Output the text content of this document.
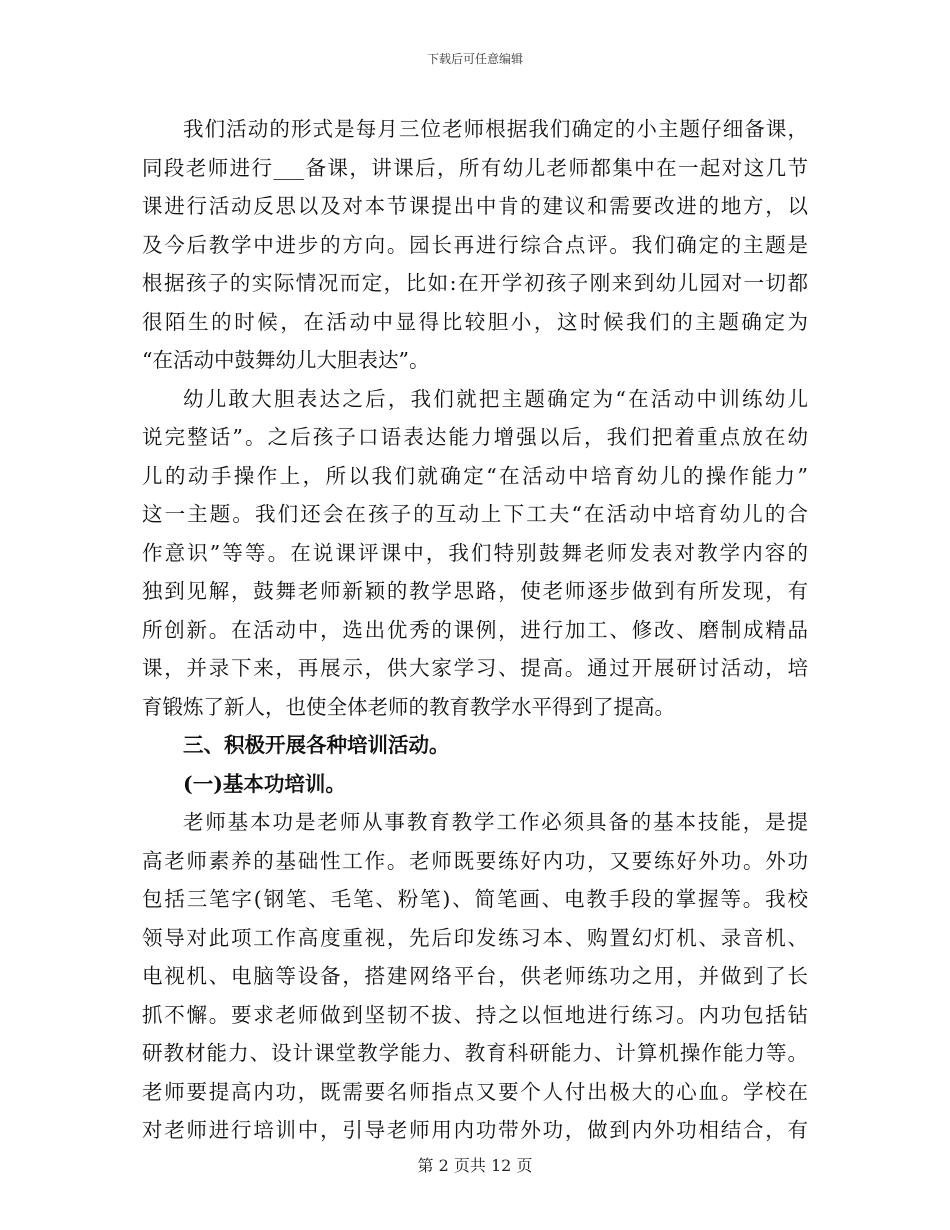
下载后可任意编辑
我们活动的形式是每月三位老师根据我们确定的小主题仔细备课，
同段老师进行___备课，讲课后，所有幼儿老师都集中在一起对这几节
课进行活动反思以及对本节课提出中肯的建议和需要改进的地方，以
及今后教学中进步的方向。园长再进行综合点评。我们确定的主题是
根据孩子的实际情况而定，比如:在开学初孩子刚来到幼儿园对一切都
很陌生的时候，在活动中显得比较胆小，这时候我们的主题确定为
“在活动中鼓舞幼儿大胆表达”。
幼儿敢大胆表达之后，我们就把主题确定为“在活动中训练幼儿
说完整话”。之后孩子口语表达能力增强以后，我们把着重点放在幼
儿的动手操作上，所以我们就确定“在活动中培育幼儿的操作能力”
这一主题。我们还会在孩子的互动上下工夫“在活动中培育幼儿的合
作意识”等等。在说课评课中，我们特别鼓舞老师发表对教学内容的
独到见解，鼓舞老师新颖的教学思路，使老师逐步做到有所发现，有
所创新。在活动中，选出优秀的课例，进行加工、修改、磨制成精品
课，并录下来，再展示，供大家学习、提高。通过开展研讨活动，培
育锻炼了新人，也使全体老师的教育教学水平得到了提高。
三、积极开展各种培训活动。
(一)基本功培训。
老师基本功是老师从事教育教学工作必须具备的基本技能，是提
高老师素养的基础性工作。老师既要练好内功，又要练好外功。外功
包括三笔字(钢笔、毛笔、粉笔)、简笔画、电教手段的掌握等。我校
领导对此项工作高度重视，先后印发练习本、购置幻灯机、录音机、
电视机、电脑等设备，搭建网络平台，供老师练功之用，并做到了长
抓不懈。要求老师做到坚韧不拔、持之以恒地进行练习。内功包括钻
研教材能力、设计课堂教学能力、教育科研能力、计算机操作能力等。
老师要提高内功，既需要名师指点又要个人付出极大的心血。学校在
对老师进行培训中，引导老师用内功带外功，做到内外功相结合，有
第 2 页共 12 页
